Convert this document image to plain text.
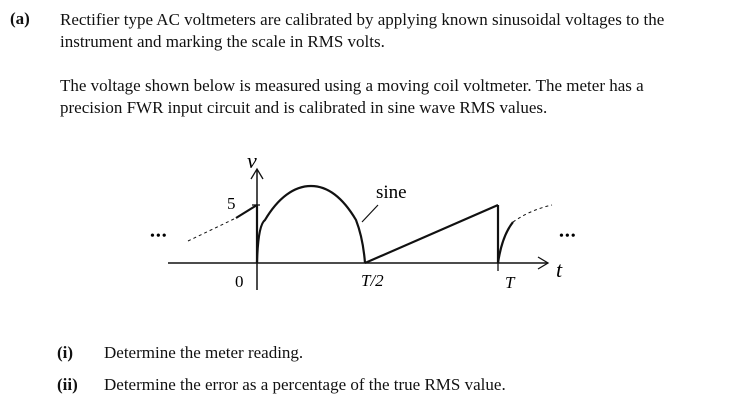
(a) Rectifier type AC voltmeters are calibrated by applying known sinusoidal voltages to the instrument and marking the scale in RMS volts.

The voltage shown below is measured using a moving coil voltmeter. The meter has a precision FWR input circuit and is calibrated in sine wave RMS values.

v
t
5
0	T/2	T
sine
•••	•••
(i) Determine the meter reading.
(ii) Determine the error as a percentage of the true RMS value.
